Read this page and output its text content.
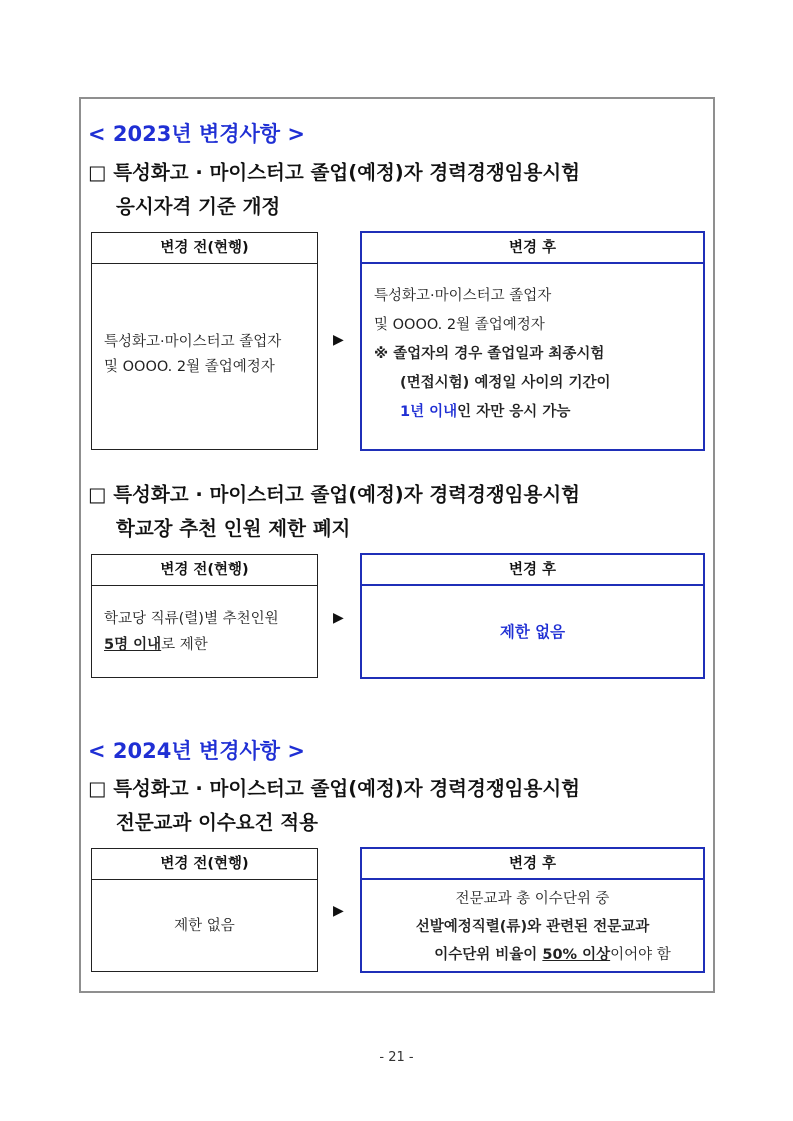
< 2023년 변경사항 >
□ 특성화고 · 마이스터고 졸업(예정)자 경력경쟁임용시험
응시자격 기준 개정
변경 전(현행)
특성화고·마이스터고 졸업자
및 OOOO. 2월 졸업예정자
▶
변경 후
특성화고·마이스터고 졸업자
및 OOOO. 2월 졸업예정자
※ 졸업자의 경우 졸업일과 최종시험
(면접시험) 예정일 사이의 기간이
1년 이내인 자만 응시 가능
□ 특성화고 · 마이스터고 졸업(예정)자 경력경쟁임용시험
학교장 추천 인원 제한 폐지
변경 전(현행)
학교당 직류(렬)별 추천인원
5명 이내로 제한
▶
변경 후
제한 없음
< 2024년 변경사항 >
□ 특성화고 · 마이스터고 졸업(예정)자 경력경쟁임용시험
전문교과 이수요건 적용
변경 전(현행)
제한 없음
▶
변경 후
전문교과 총 이수단위 중
선발예정직렬(류)와 관련된 전문교과
이수단위 비율이 50% 이상이어야 함
- 21 -
